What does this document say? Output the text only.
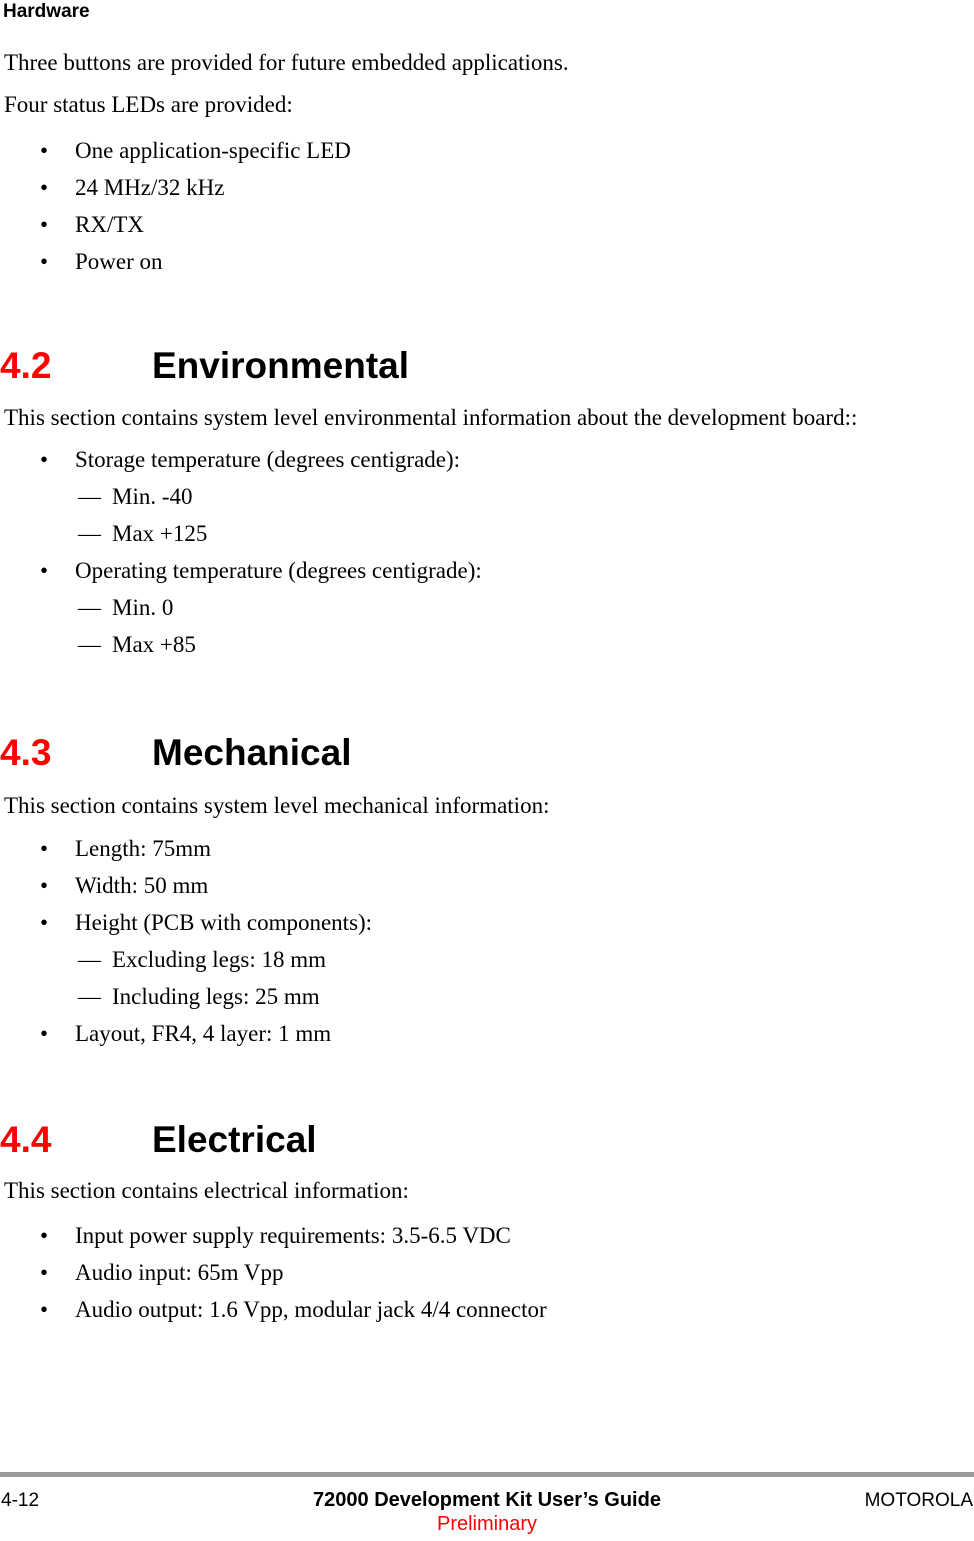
Hardware
Three buttons are provided for future embedded applications.
Four status LEDs are provided:
• One application-specific LED
• 24 MHz/32 kHz
• RX/TX
• Power on
4.2	Environmental
This section contains system level environmental information about the development board::
• Storage temperature (degrees centigrade):
— Min. -40
— Max +125
• Operating temperature (degrees centigrade):
— Min. 0
— Max +85
4.3	Mechanical
This section contains system level mechanical information:
• Length: 75mm
• Width: 50 mm
• Height (PCB with components):
— Excluding legs: 18 mm
— Including legs: 25 mm
• Layout, FR4, 4 layer: 1 mm
4.4	Electrical
This section contains electrical information:
• Input power supply requirements: 3.5-6.5 VDC
• Audio input: 65m Vpp
• Audio output: 1.6 Vpp, modular jack 4/4 connector
4-12	72000 Development Kit User’s Guide	MOTOROLA
Preliminary
